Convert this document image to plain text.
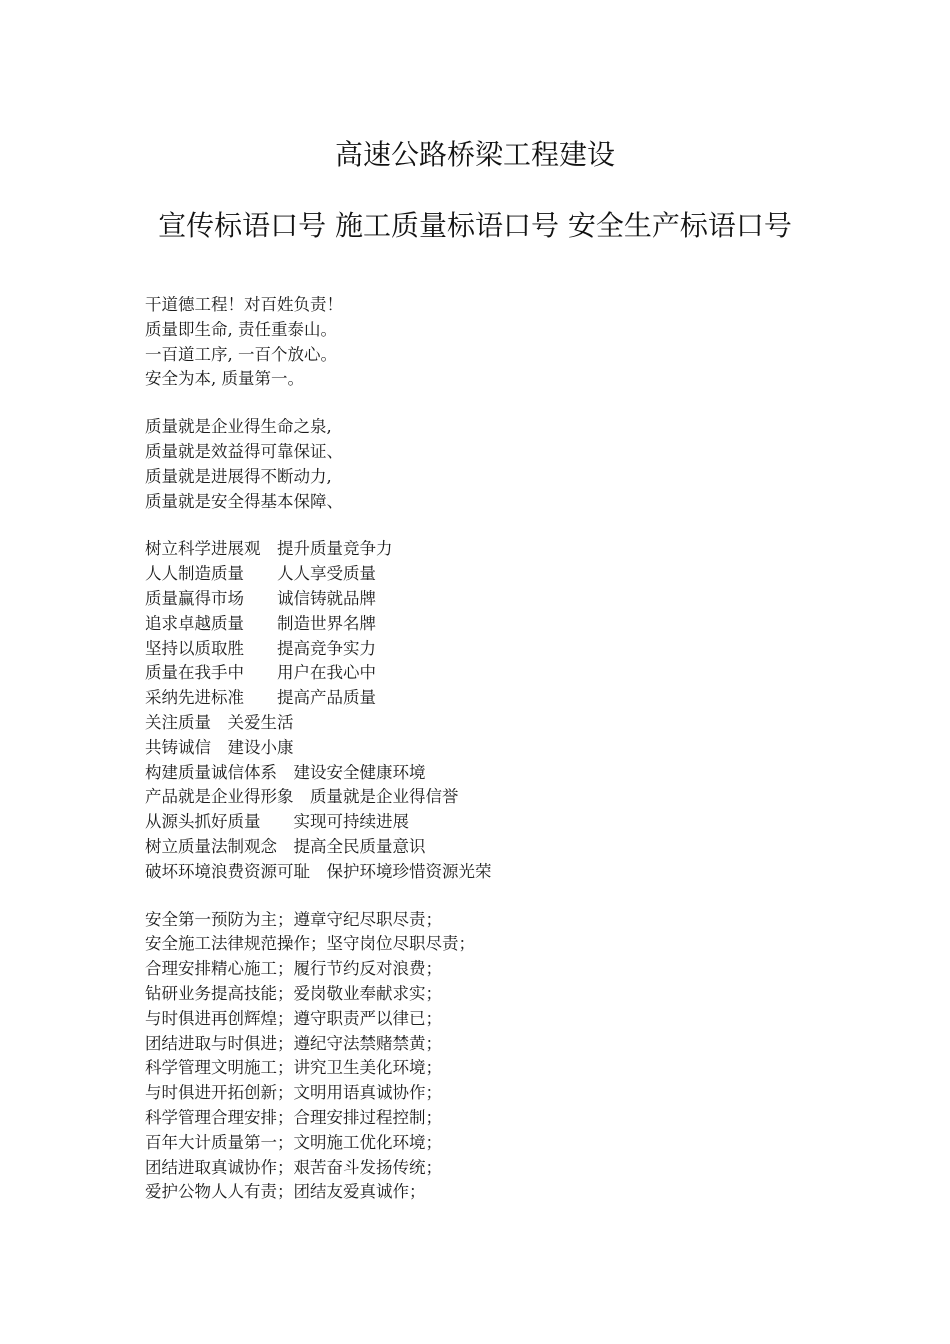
高速公路桥梁工程建设
宣传标语口号 施工质量标语口号 安全生产标语口号
干道德工程！对百姓负责！
质量即生命, 责任重泰山。
一百道工序, 一百个放心。
安全为本, 质量第一。
质量就是企业得生命之泉,
质量就是效益得可靠保证、
质量就是进展得不断动力,
质量就是安全得基本保障、
树立科学进展观　提升质量竞争力
人人制造质量　　人人享受质量
质量赢得市场　　诚信铸就品牌
追求卓越质量　　制造世界名牌
坚持以质取胜　　提高竞争实力
质量在我手中　　用户在我心中
采纳先进标准　　提高产品质量
关注质量　关爱生活
共铸诚信　建设小康
构建质量诚信体系　建设安全健康环境
产品就是企业得形象　质量就是企业得信誉
从源头抓好质量　　实现可持续进展
树立质量法制观念　提高全民质量意识
破坏环境浪费资源可耻　保护环境珍惜资源光荣
安全第一预防为主；遵章守纪尽职尽责；
安全施工法律规范操作；坚守岗位尽职尽责；
合理安排精心施工；履行节约反对浪费；
钻研业务提高技能；爱岗敬业奉献求实；
与时俱进再创辉煌；遵守职责严以律已；
团结进取与时俱进；遵纪守法禁赌禁黄；
科学管理文明施工；讲究卫生美化环境；
与时俱进开拓创新；文明用语真诚协作；
科学管理合理安排；合理安排过程控制；
百年大计质量第一；文明施工优化环境；
团结进取真诚协作；艰苦奋斗发扬传统；
爱护公物人人有责；团结友爱真诚作；
